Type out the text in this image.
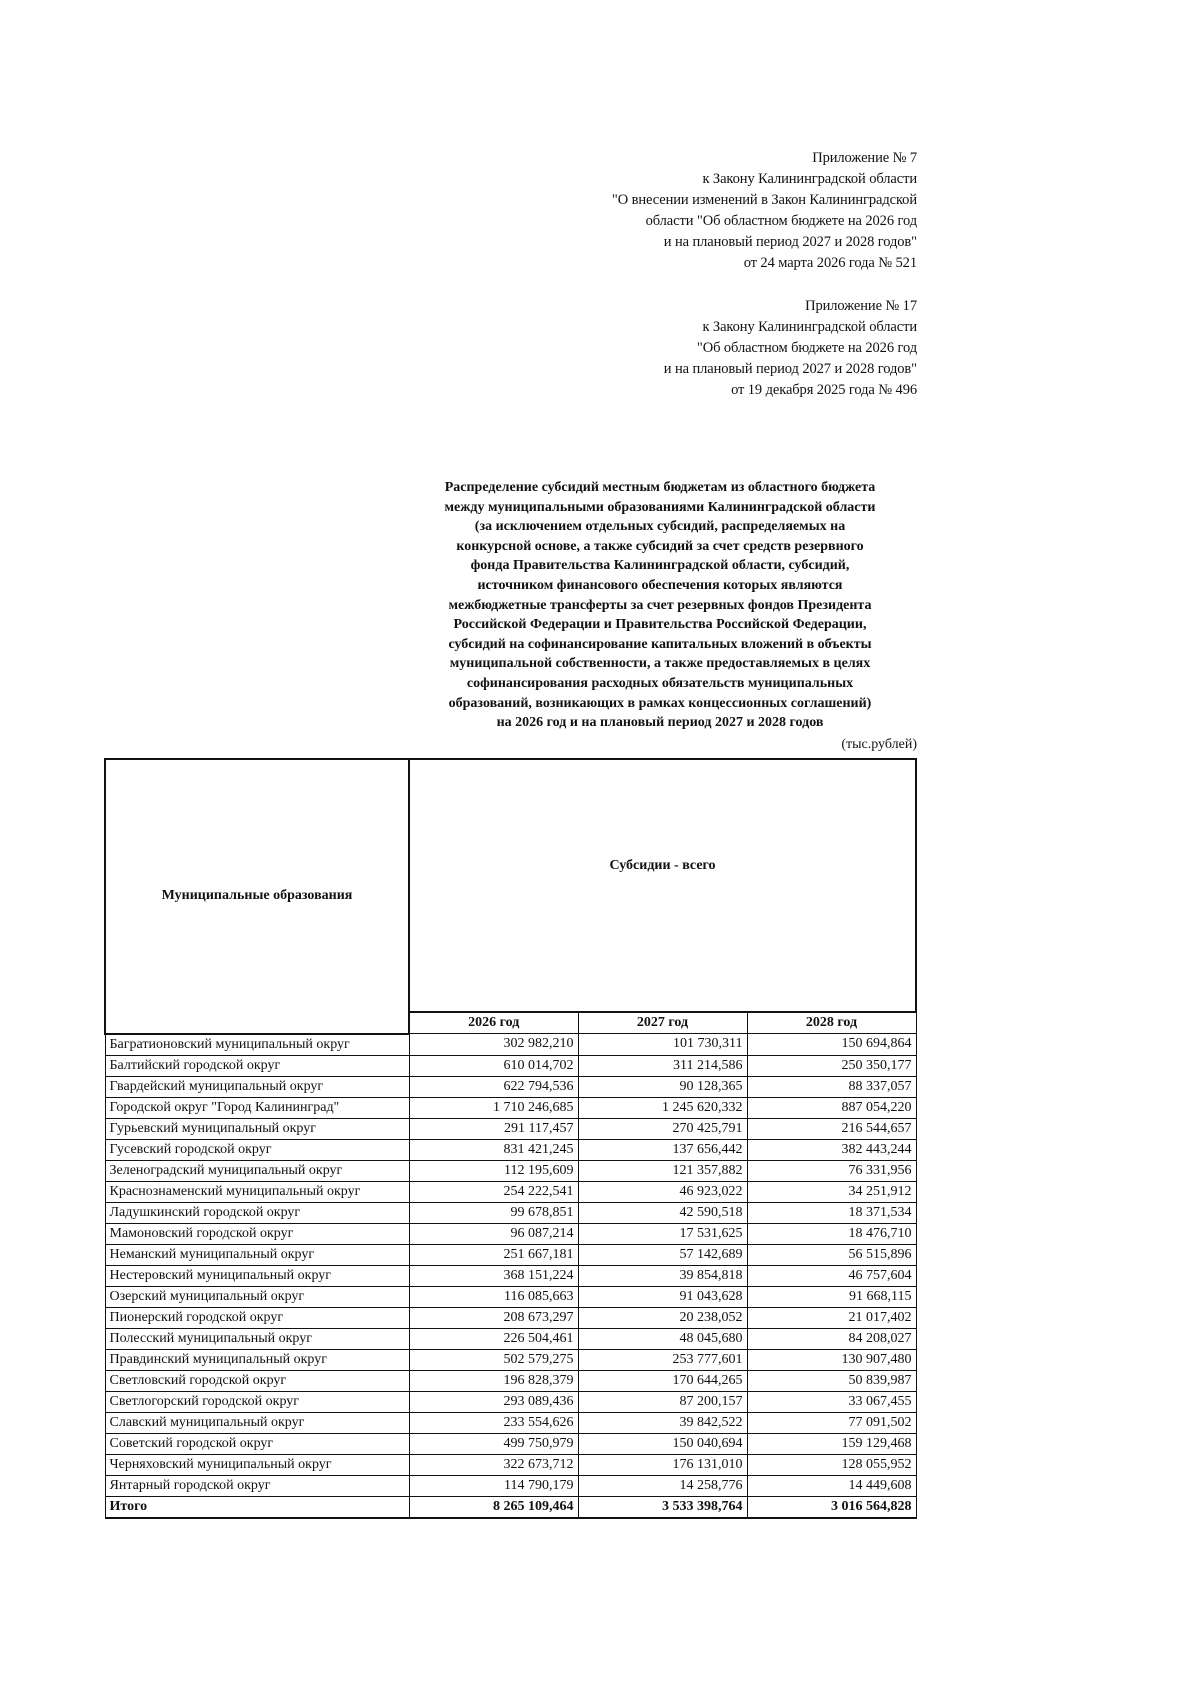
Приложение № 7
к Закону Калининградской области
"О внесении изменений в Закон Калининградской
области "Об областном бюджете на 2026 год
и на плановый период 2027 и 2028 годов"
от 24 марта 2026 года № 521
Приложение № 17
к Закону Калининградской области
"Об областном бюджете на 2026 год
и на плановый период 2027 и 2028 годов"
от 19 декабря 2025 года № 496
Распределение субсидий местным бюджетам из областного бюджета
между муниципальными образованиями Калининградской области
(за исключением отдельных субсидий, распределяемых на
конкурсной основе, а также субсидий за счет средств резервного
фонда Правительства Калининградской области, субсидий,
источником финансового обеспечения которых являются
межбюджетные трансферты за счет резервных фондов Президента
Российской Федерации и Правительства Российской Федерации,
субсидий на софинансирование капитальных вложений в объекты
муниципальной собственности, а также предоставляемых в целях
софинансирования расходных обязательств муниципальных
образований, возникающих в рамках концессионных соглашений)
на 2026 год и на плановый период 2027 и 2028 годов
(тыс.рублей)
Муниципальные образования	Субсидии - всего		
	2026 год	2027 год	2028 год
Багратионовский муниципальный округ	302 982,210	101 730,311	150 694,864
Балтийский городской округ	610 014,702	311 214,586	250 350,177
Гвардейский муниципальный округ	622 794,536	90 128,365	88 337,057
Городской округ "Город Калининград"	1 710 246,685	1 245 620,332	887 054,220
Гурьевский муниципальный округ	291 117,457	270 425,791	216 544,657
Гусевский городской округ	831 421,245	137 656,442	382 443,244
Зеленоградский муниципальный округ	112 195,609	121 357,882	76 331,956
Краснознаменский муниципальный округ	254 222,541	46 923,022	34 251,912
Ладушкинский городской округ	99 678,851	42 590,518	18 371,534
Мамоновский городской округ	96 087,214	17 531,625	18 476,710
Неманский муниципальный округ	251 667,181	57 142,689	56 515,896
Нестеровский муниципальный округ	368 151,224	39 854,818	46 757,604
Озерский муниципальный округ	116 085,663	91 043,628	91 668,115
Пионерский городской округ	208 673,297	20 238,052	21 017,402
Полесский муниципальный округ	226 504,461	48 045,680	84 208,027
Правдинский муниципальный округ	502 579,275	253 777,601	130 907,480
Светловский городской округ	196 828,379	170 644,265	50 839,987
Светлогорский городской округ	293 089,436	87 200,157	33 067,455
Славский муниципальный округ	233 554,626	39 842,522	77 091,502
Советский городской округ	499 750,979	150 040,694	159 129,468
Черняховский муниципальный округ	322 673,712	176 131,010	128 055,952
Янтарный городской округ	114 790,179	14 258,776	14 449,608
Итого	8 265 109,464	3 533 398,764	3 016 564,828
